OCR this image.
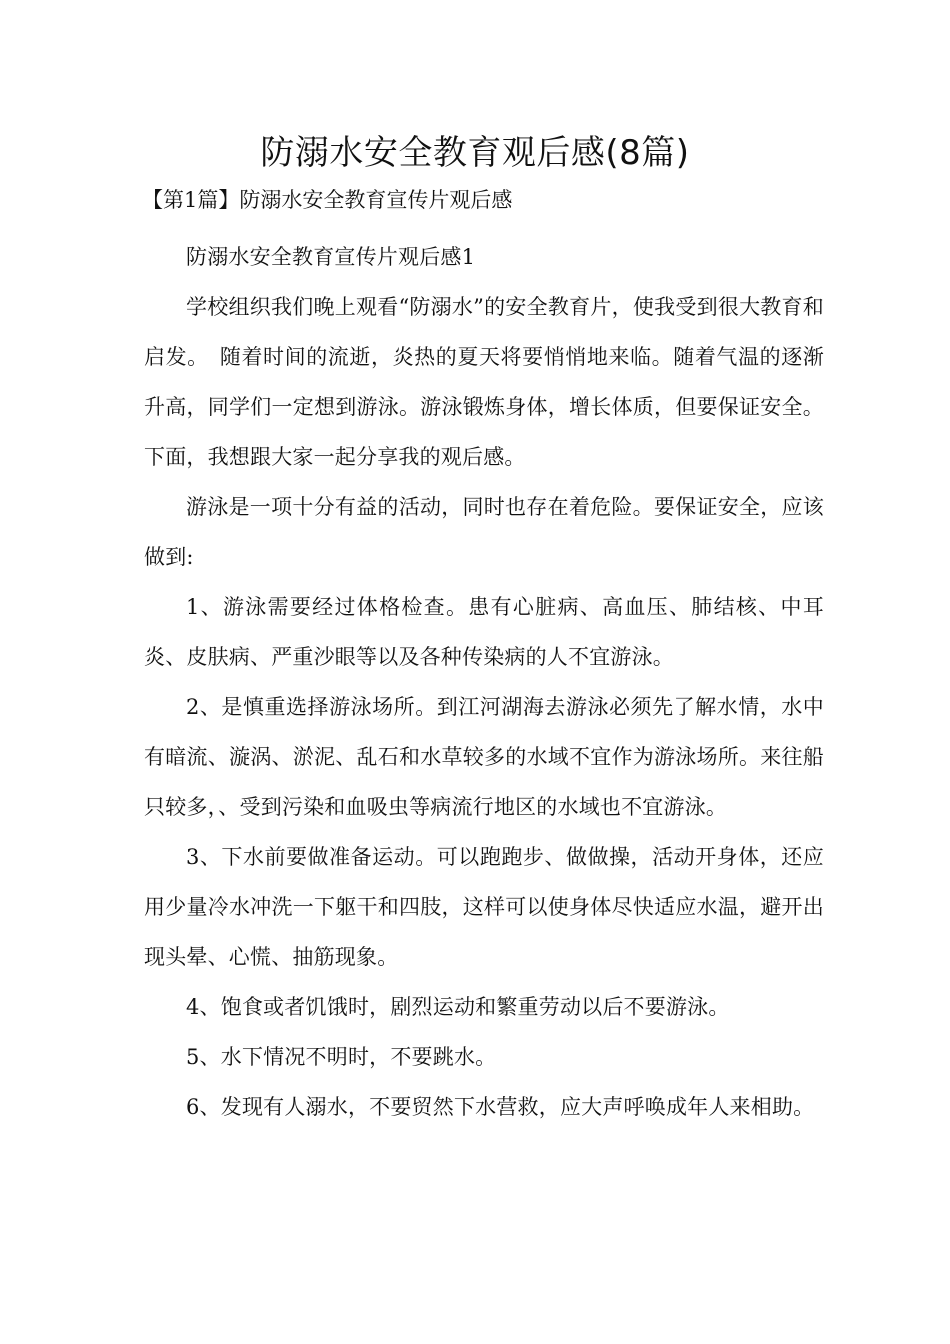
防溺水安全教育观后感(8篇)
【第1篇】防溺水安全教育宣传片观后感

防溺水安全教育宣传片观后感1

学校组织我们晚上观看“防溺水”的安全教育片，使我受到很大教育和启发。　随着时间的流逝，炎热的夏天将要悄悄地来临。随着气温的逐渐升高，同学们一定想到游泳。游泳锻炼身体，增长体质，但要保证安全。下面，我想跟大家一起分享我的观后感。

游泳是一项十分有益的活动，同时也存在着危险。要保证安全，应该做到:

1、游泳需要经过体格检查。患有心脏病、高血压、肺结核、中耳炎、皮肤病、严重沙眼等以及各种传染病的人不宜游泳。

2、是慎重选择游泳场所。到江河湖海去游泳必须先了解水情，水中有暗流、漩涡、淤泥、乱石和水草较多的水域不宜作为游泳场所。来往船只较多，、受到污染和血吸虫等病流行地区的水域也不宜游泳。

3、下水前要做准备运动。可以跑跑步、做做操，活动开身体，还应用少量冷水冲洗一下躯干和四肢，这样可以使身体尽快适应水温，避开出现头晕、心慌、抽筋现象。

4、饱食或者饥饿时，剧烈运动和繁重劳动以后不要游泳。

5、水下情况不明时，不要跳水。

6、发现有人溺水，不要贸然下水营救，应大声呼唤成年人来相助。
